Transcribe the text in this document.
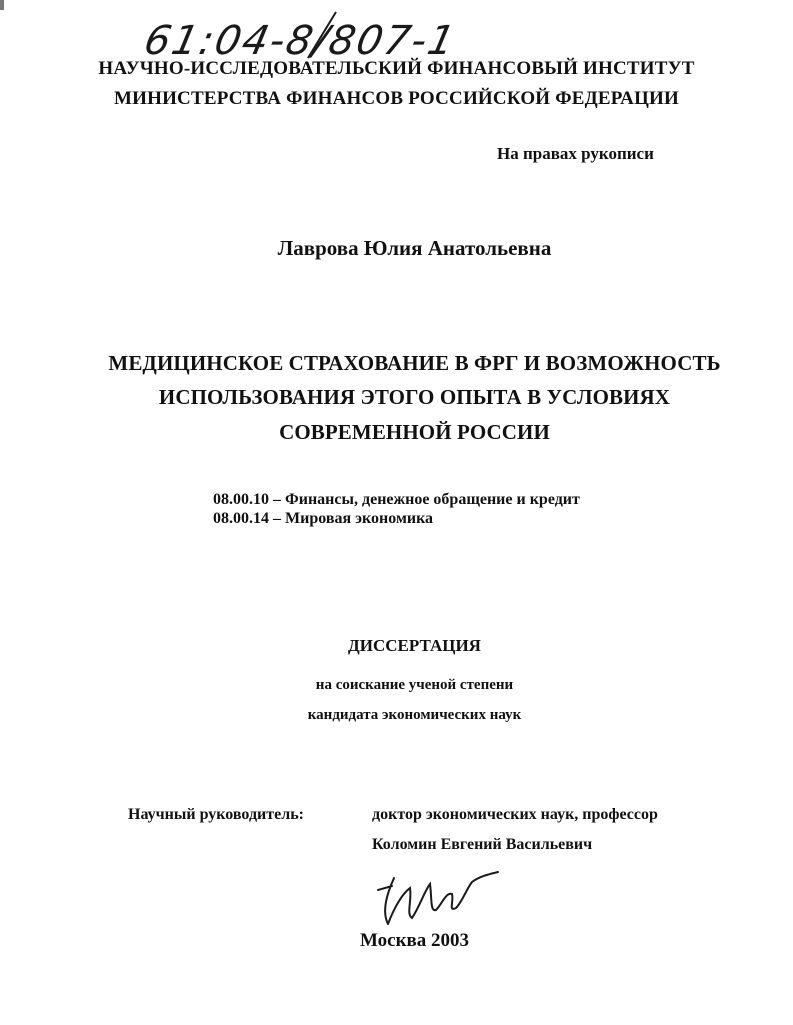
61:04-8/807-1
НАУЧНО-ИССЛЕДОВАТЕЛЬСКИЙ ФИНАНСОВЫЙ ИНСТИТУТ
МИНИСТЕРСТВА ФИНАНСОВ РОССИЙСКОЙ ФЕДЕРАЦИИ
На правах рукописи
Лаврова Юлия Анатольевна
МЕДИЦИНСКОЕ СТРАХОВАНИЕ В ФРГ И ВОЗМОЖНОСТЬ
ИСПОЛЬЗОВАНИЯ ЭТОГО ОПЫТА В УСЛОВИЯХ
СОВРЕМЕННОЙ РОССИИ
08.00.10 – Финансы, денежное обращение и кредит
08.00.14 – Мировая экономика
ДИССЕРТАЦИЯ
на соискание ученой степени
кандидата экономических наук
Научный руководитель:	доктор экономических наук, профессор
Коломин Евгений Васильевич
Москва 2003
